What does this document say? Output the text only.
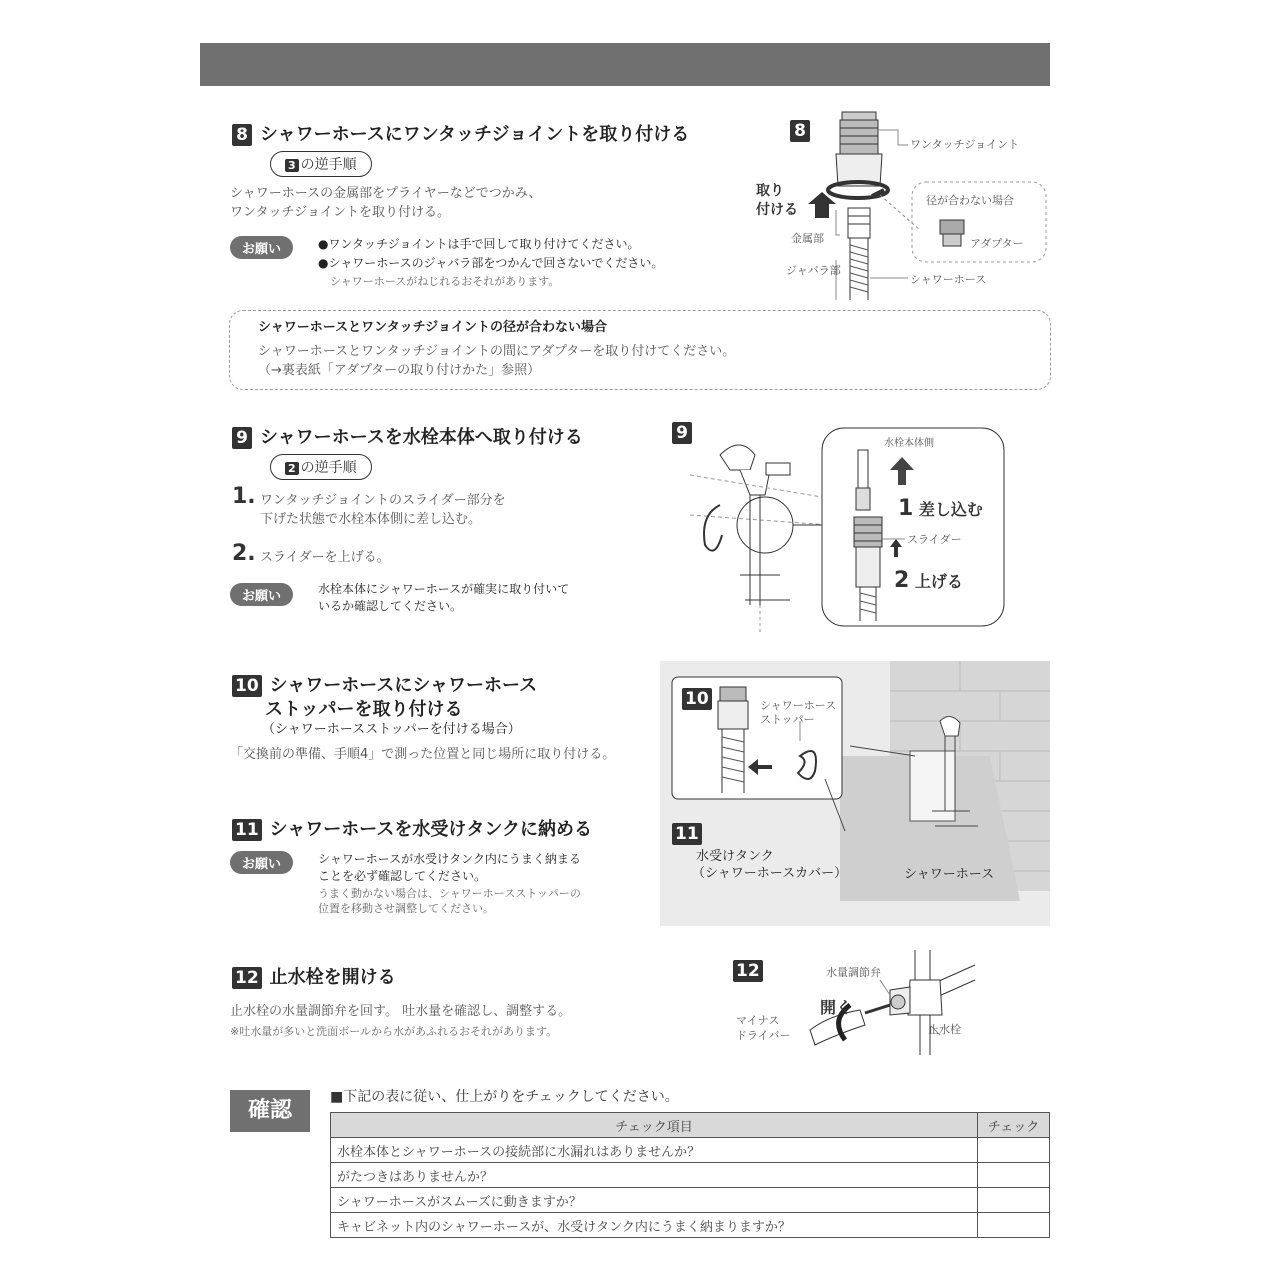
8 シャワーホースにワンタッチジョイントを取り付ける
3 の逆手順
シャワーホースの金属部をプライヤーなどでつかみ、
ワンタッチジョイントを取り付ける。
お願い	●ワンタッチジョイントは手で回して取り付けてください。
●シャワーホースのジャバラ部をつかんで回さないでください。
シャワーホースがねじれるおそれがあります。
8
ワンタッチジョイント
取り
付ける
金属部
ジャバラ部
シャワーホース
径が合わない場合
アダプター
シャワーホースとワンタッチジョイントの径が合わない場合
シャワーホースとワンタッチジョイントの間にアダプターを取り付けてください。
（→裏表紙「アダプターの取り付けかた」参照）
9 シャワーホースを水栓本体へ取り付ける
2 の逆手順
1. ワンタッチジョイントのスライダー部分を
下げた状態で水栓本体側に差し込む。
2. スライダーを上げる。
お願い	水栓本体にシャワーホースが確実に取り付いて
いるか確認してください。
9
水栓本体側
1 差し込む
スライダー
2 上げる
10 シャワーホースにシャワーホース
ストッパーを取り付ける
（シャワーホースストッパーを付ける場合）
「交換前の準備、手順4」で測った位置と同じ場所に取り付ける。
10	シャワーホース
ストッパー
11
水受けタンク
（シャワーホースカバー）	シャワーホース
11 シャワーホースを水受けタンクに納める
お願い	シャワーホースが水受けタンク内にうまく納まる
ことを必ず確認してください。
うまく動かない場合は、シャワーホースストッパーの
位置を移動させ調整してください。
12 止水栓を開ける
止水栓の水量調節弁を回す。 吐水量を確認し、調整する。
※吐水量が多いと洗面ボールから水があふれるおそれがあります。
12	水量調節弁
開く
マイナス
ドライバー	止水栓
確認
■下記の表に従い、仕上がりをチェックしてください。
チェック項目	チェック
水栓本体とシャワーホースの接続部に水漏れはありませんか？	
がたつきはありませんか？	
シャワーホースがスムーズに動きますか？	
キャビネット内のシャワーホースが、水受けタンク内にうまく納まりますか？	
